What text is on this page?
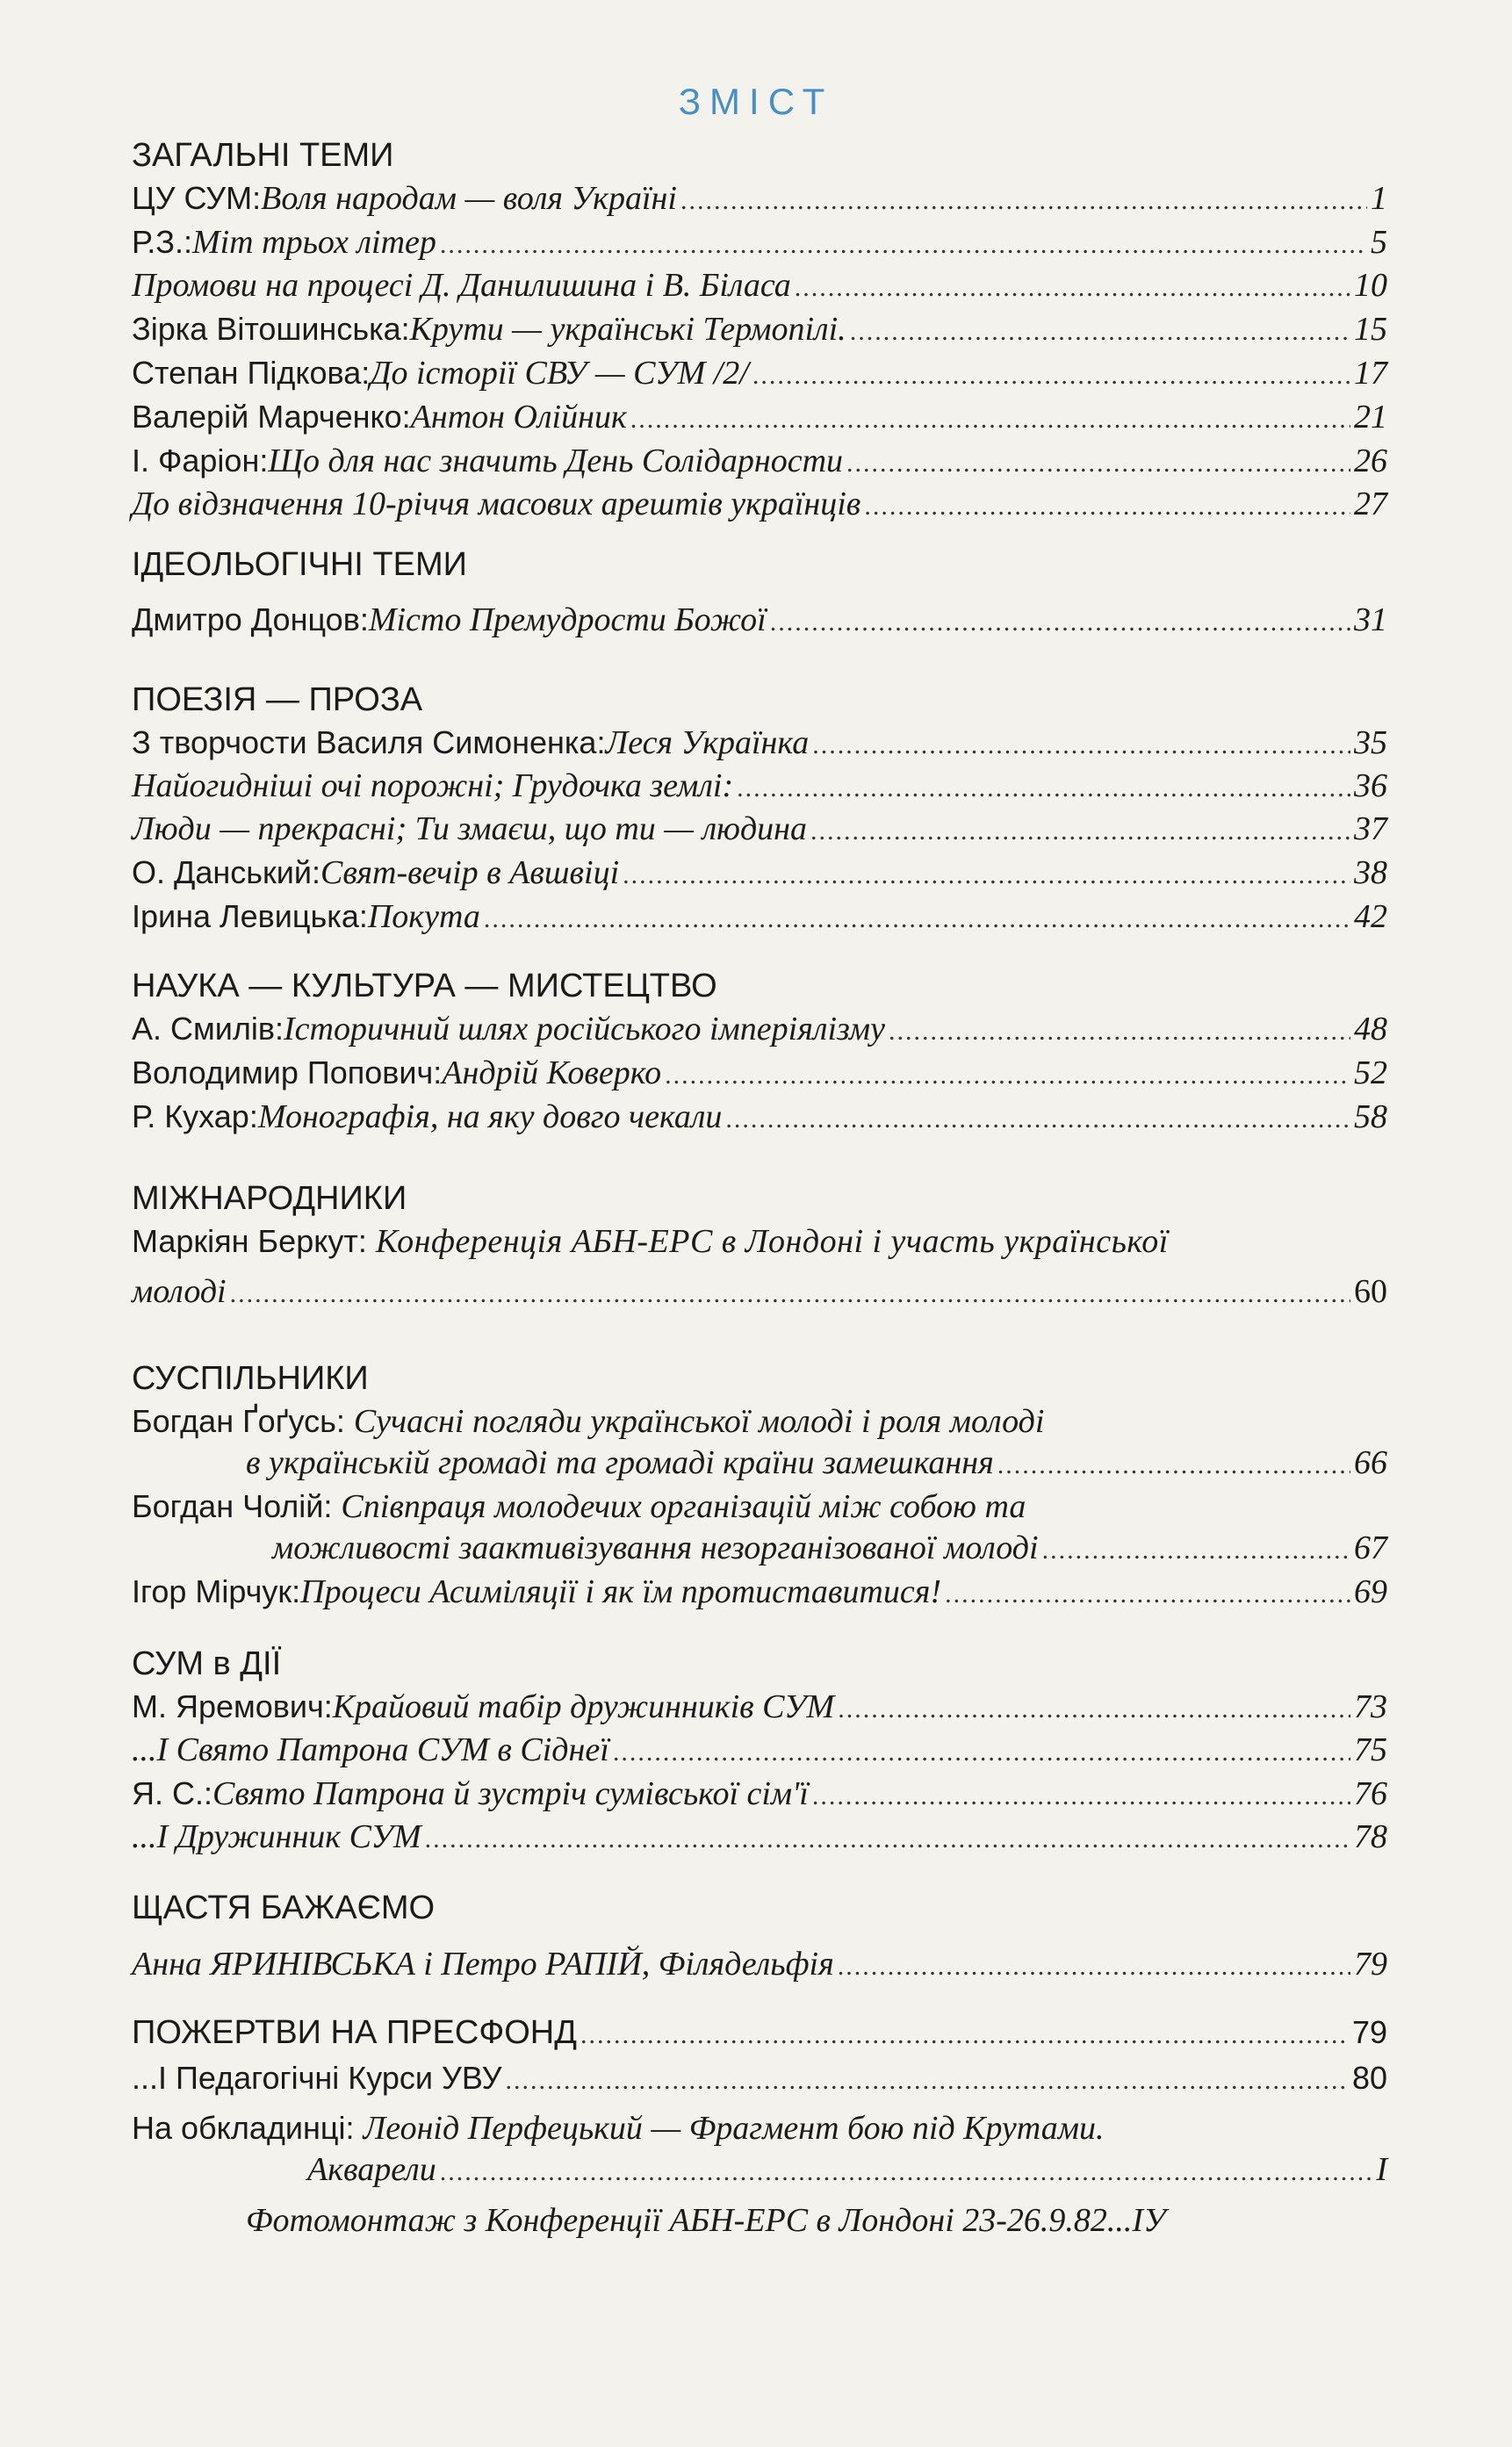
ЗМІСТ
ЗАГАЛЬНІ ТЕМИ
ЦУ СУМ: Воля народам — воля Україні .....	1
Р.З.: Міт трьох літер .....	5
Промови на процесі Д. Данилишина і В. Біласа .....	10
Зірка Вітошинська: Крути — українські Термопілі. .....	15
Степан Підкова: До історії СВУ — СУМ /2/ .....	17
Валерій Марченко: Антон Олійник .....	21
І. Фаріон: Що для нас значить День Солідарности .....	26
До відзначення 10-річчя масових арештів українців .....	27
ІДЕОЛЬОГІЧНІ ТЕМИ
Дмитро Донцов: Місто Премудрости Божої .....	31
ПОЕЗІЯ — ПРОЗА
З творчости Василя Симоненка: Леся Українка .....	35
Найогидніші очі порожні; Грудочка землі: .....	36
Люди — прекрасні; Ти змаєш, що ти — людина .....	37
О. Данський: Свят-вечір в Авшвіці .....	38
Ірина Левицька: Покута .....	42
НАУКА — КУЛЬТУРА — МИСТЕЦТВО
А. Смилів: Історичний шлях російського імперіялізму .....	48
Володимир Попович: Андрій Коверко .....	52
Р. Кухар: Монографія, на яку довго чекали .....	58
МІЖНАРОДНИКИ
Маркіян Беркут: Конференція АБН-ЕРС в Лондоні і участь української
молоді .....	60
СУСПІЛЬНИКИ
Богдан Ґоґусь: Сучасні погляди української молоді і роля молоді
в українській громаді та громаді країни замешкання .....	66
Богдан Чолій: Співпраця молодечих організацій між собою та
можливості заактивізування незорганізованої молоді .....	67
Ігор Мірчук: Процеси Асиміляції і як їм протиставитися! .....	69
СУМ в ДІЇ
М. Яремович: Крайовий табір дружинників СУМ .....	73
...І Свято Патрона СУМ в Сіднеї .....	75
Я. С.: Свято Патрона й зустріч сумівської сім'ї .....	76
...І Дружинник СУМ .....	78
ЩАСТЯ БАЖАЄМО
Анна ЯРИНІВСЬКА і Петро РАПІЙ, Філядельфія .....	79
ПОЖЕРТВИ НА ПРЕСФОНД .....	79
...І Педагогічні Курси УВУ .....	80
На обкладинці: Леонід Перфецький — Фрагмент бою під Крутами.
Акварели .....	I
Фотомонтаж з Конференції АБН-ЕРС в Лондоні 23-26.9.82...ІУ
